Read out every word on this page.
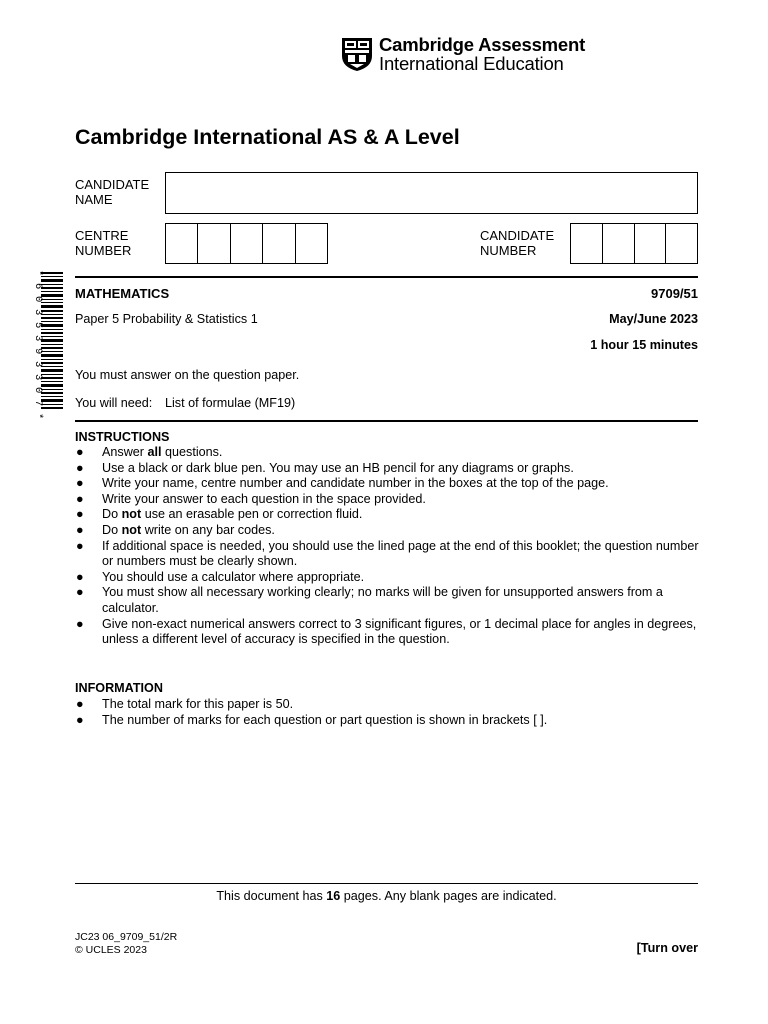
Cambridge Assessment
International Education
Cambridge International AS & A Level
CANDIDATE
NAME
CENTRE
NUMBER
CANDIDATE
NUMBER
* 6 0 3 5 3 9 3 3 0 7 * MATHEMATICS	9709/51
Paper 5 Probability & Statistics 1	May/June 2023
1 hour 15 minutes
You must answer on the question paper.
You will need: List of formulae (MF19)
INSTRUCTIONS
● Answer all questions.
● Use a black or dark blue pen. You may use an HB pencil for any diagrams or graphs.
● Write your name, centre number and candidate number in the boxes at the top of the page.
● Write your answer to each question in the space provided.
● Do not use an erasable pen or correction fluid.
● Do not write on any bar codes.
● If additional space is needed, you should use the lined page at the end of this booklet; the question number or numbers must be clearly shown.
● You should use a calculator where appropriate.
● You must show all necessary working clearly; no marks will be given for unsupported answers from a calculator.
● Give non-exact numerical answers correct to 3 significant figures, or 1 decimal place for angles in degrees, unless a different level of accuracy is specified in the question.
INFORMATION
● The total mark for this paper is 50.
● The number of marks for each question or part question is shown in brackets [ ].
This document has 16 pages. Any blank pages are indicated.
JC23 06_9709_51/2R
© UCLES 2023	[Turn over
